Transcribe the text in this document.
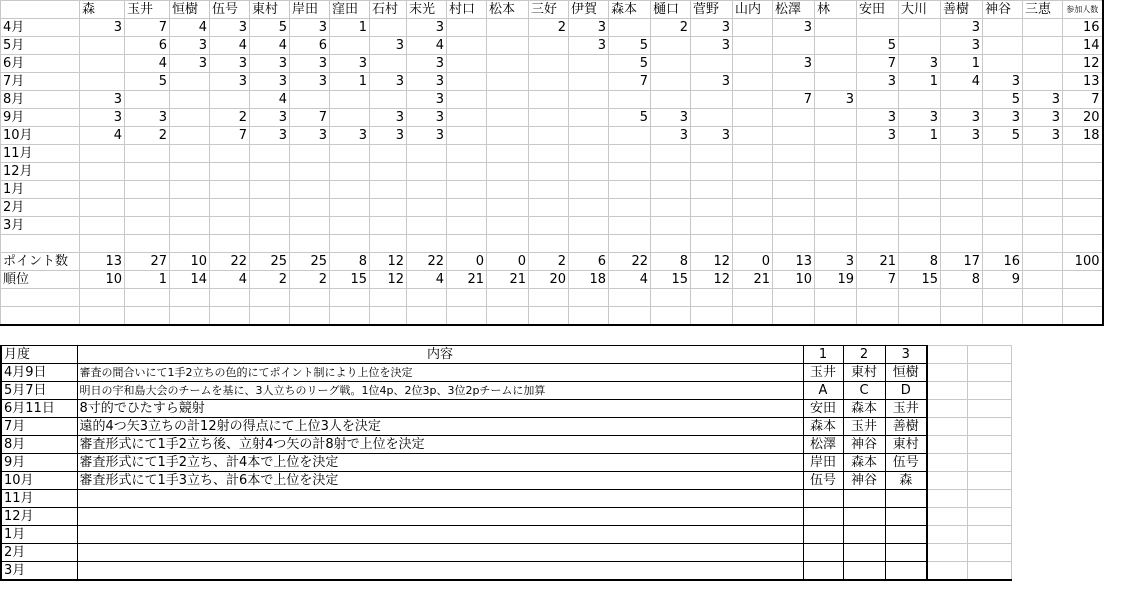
	森	玉井	恒樹	伍号	東村	岸田	窪田	石村	末光	村口	松本	三好	伊賀	森本	樋口	菅野	山内	松澤	林	安田	大川	善樹	神谷	三恵	参加人数
4月	3	7	4	3	5	3	1		3			2	3		2	3		3				3			16
5月		6	3	4	4	6		3	4				3	5		3				5		3			14
6月		4	3	3	3	3	3		3					5				3		7	3	1			12
7月		5		3	3	3	1	3	3					7		3				3	1	4	3		13
8月	3				4				3									7	3				5	3	7
9月	3	3		2	3	7		3	3					5	3					3	3	3	3	3	20
10月	4	2		7	3	3	3	3	3						3	3				3	1	3	5	3	18
11月																									
12月																									
1月																									
2月																									
3月																									

ポイント数	13	27	10	22	25	25	8	12	22	0	0	2	6	22	8	12	0	13	3	21	8	17	16		100
順位	10	1	14	4	2	2	15	12	4	21	21	20	18	4	15	12	21	10	19	7	15	8	9		

月度	内容	1	2	3		
4月9日	審査の間合いにて1手2立ちの色的にてポイント制により上位を決定	玉井	東村	恒樹		
5月7日	明日の宇和島大会のチームを基に、3人立ちのリーグ戦。1位4p、2位3p、3位2pチームに加算	A	C	D		
6月11日	8寸的でひたすら競射	安田	森本	玉井		
7月	遠的4つ矢3立ちの計12射の得点にて上位3人を決定	森本	玉井	善樹		
8月	審査形式にて1手2立ち後、立射4つ矢の計8射で上位を決定	松澤	神谷	東村		
9月	審査形式にて1手2立ち、計4本で上位を決定	岸田	森本	伍号		
10月	審査形式にて1手3立ち、計6本で上位を決定	伍号	神谷	森		
11月						
12月						
1月						
2月						
3月						
